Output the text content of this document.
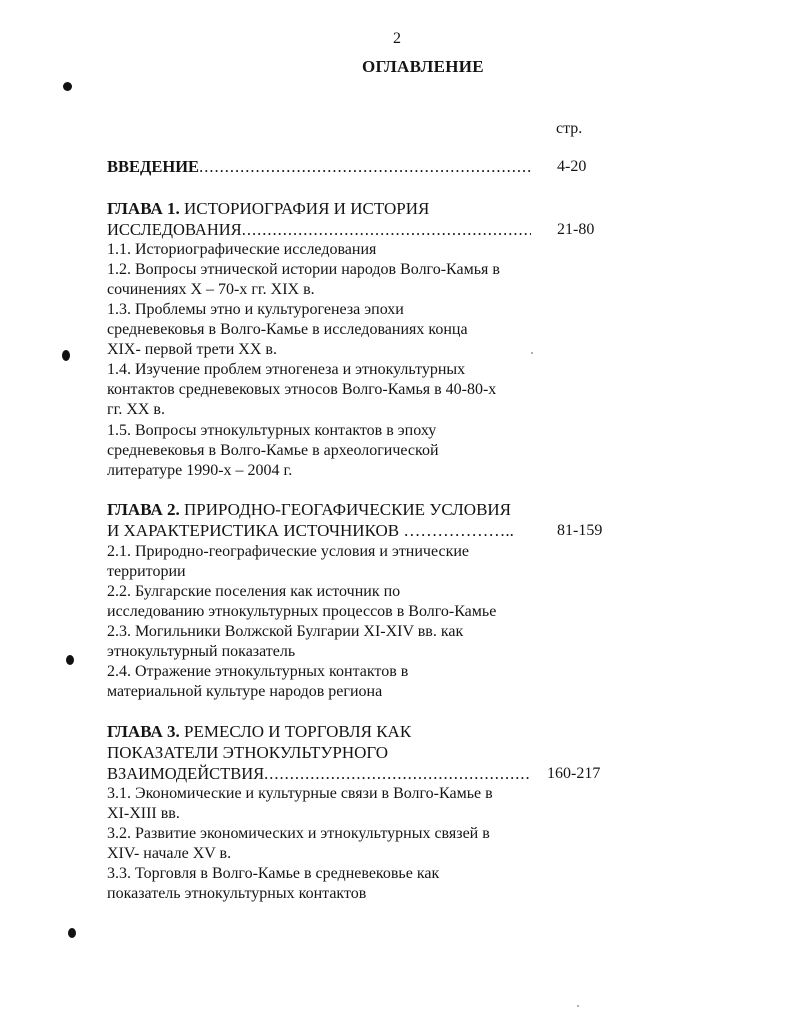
2
ОГЛАВЛЕНИЕ
стр.
ВВЕДЕНИЕ .....	4-20
ГЛАВА 1. ИСТОРИОГРАФИЯ И ИСТОРИЯ
ИССЛЕДОВАНИЯ .....	21-80
1.1. Историографические исследования
1.2. Вопросы этнической истории народов Волго-Камья в
сочинениях X – 70-х гг. XIX в.
1.3. Проблемы этно и культурогенеза эпохи
средневековья в Волго-Камье в исследованиях конца
XIX- первой трети XX в.
1.4. Изучение проблем этногенеза и этнокультурных
контактов средневековых этносов Волго-Камья в 40-80-х
гг. XX в.
1.5. Вопросы этнокультурных контактов в эпоху
средневековья в Волго-Камье в археологической
литературе 1990-х – 2004 г.
ГЛАВА 2. ПРИРОДНО-ГЕОГАФИЧЕСКИЕ УСЛОВИЯ
И ХАРАКТЕРИСТИКА ИСТОЧНИКОВ ………………..	81-159
2.1. Природно-географические условия и этнические
территории
2.2. Булгарские поселения как источник по
исследованию этнокультурных процессов в Волго-Камье
2.3. Могильники Волжской Булгарии XI-XIV вв. как
этнокультурный показатель
2.4. Отражение этнокультурных контактов в
материальной культуре народов региона
ГЛАВА 3. РЕМЕСЛО И ТОРГОВЛЯ КАК
ПОКАЗАТЕЛИ ЭТНОКУЛЬТУРНОГО
ВЗАИМОДЕЙСТВИЯ .....	160-217
3.1. Экономические и культурные связи в Волго-Камье в
XI-XIII вв.
3.2. Развитие экономических и этнокультурных связей в
XIV- начале XV в.
3.3. Торговля в Волго-Камье в средневековье как
показатель этнокультурных контактов
